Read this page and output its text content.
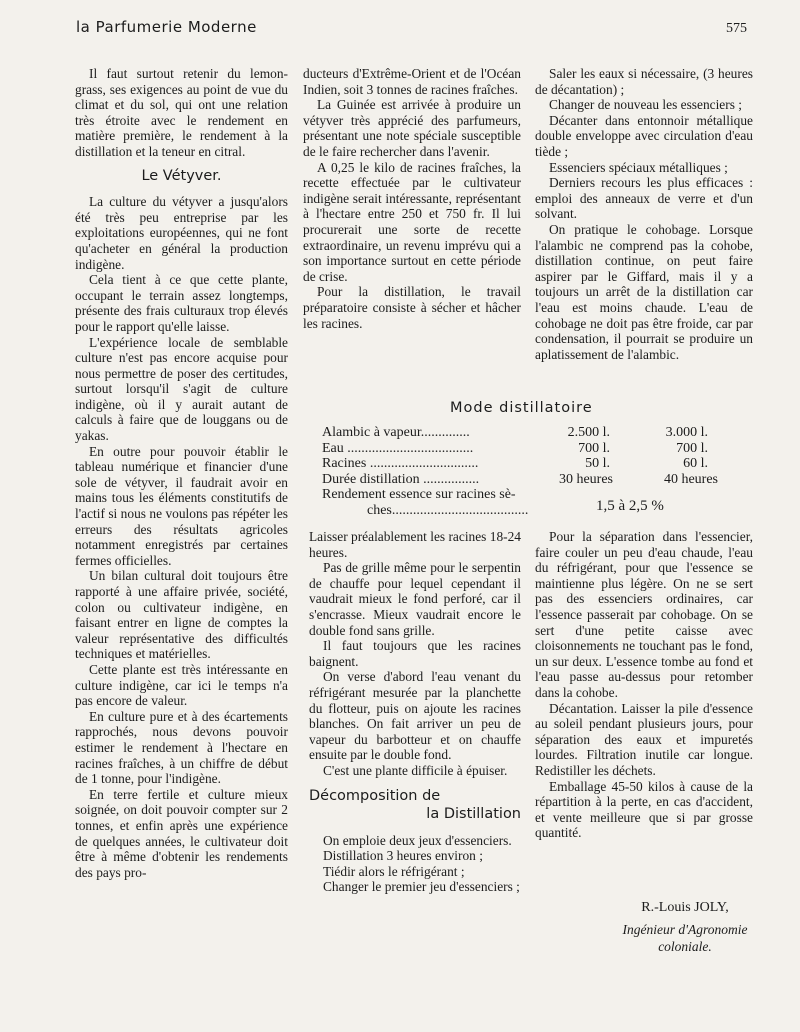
la Parfumerie Moderne	575

Il faut surtout retenir du lemon-grass, ses exigences au point de vue du climat et du sol, qui ont une relation très étroite avec le rendement en matière première, le rendement à la distillation et la teneur en citral.

Le Vétyver.

La culture du vétyver a jusqu'alors été très peu entreprise par les exploitations européennes, qui ne font qu'acheter en général la production indigène.

Cela tient à ce que cette plante, occupant le terrain assez longtemps, présente des frais culturaux trop élevés pour le rapport qu'elle laisse.

L'expérience locale de semblable culture n'est pas encore acquise pour nous permettre de poser des certitudes, surtout lorsqu'il s'agit de culture indigène, où il y aurait autant de calculs à faire que de louggans ou de yakas.

En outre pour pouvoir établir le tableau numérique et financier d'une sole de vétyver, il faudrait avoir en mains tous les éléments constitutifs de l'actif si nous ne voulons pas répéter les erreurs des résultats agricoles notamment enregistrés par certaines fermes officielles.

Un bilan cultural doit toujours être rapporté à une affaire privée, société, colon ou cultivateur indigène, en faisant entrer en ligne de comptes la valeur représentative des difficultés techniques et matérielles.

Cette plante est très intéressante en culture indigène, car ici le temps n'a pas encore de valeur.

En culture pure et à des écartements rapprochés, nous devons pouvoir estimer le rendement à l'hectare en racines fraîches, à un chiffre de début de 1 tonne, pour l'indigène.

En terre fertile et culture mieux soignée, on doit pouvoir compter sur 2 tonnes, et enfin après une expérience de quelques années, le cultivateur doit être à même d'obtenir les rendements des pays pro-

ducteurs d'Extrême-Orient et de l'Océan Indien, soit 3 tonnes de racines fraîches.

La Guinée est arrivée à produire un vétyver très apprécié des parfumeurs, présentant une note spéciale susceptible de le faire rechercher dans l'avenir.

A 0,25 le kilo de racines fraîches, la recette effectuée par le cultivateur indigène serait intéressante, représentant à l'hectare entre 250 et 750 fr. Il lui procurerait une sorte de recette extraordinaire, un revenu imprévu qui a son importance surtout en cette période de crise.

Pour la distillation, le travail préparatoire consiste à sécher et hâcher les racines.

Saler les eaux si nécessaire, (3 heures de décantation) ;

Changer de nouveau les essenciers ;

Décanter dans entonnoir métallique double enveloppe avec circulation d'eau tiède ;

Essenciers spéciaux métalliques ;

Derniers recours les plus efficaces : emploi des anneaux de verre et d'un solvant.

On pratique le cohobage. Lorsque l'alambic ne comprend pas la cohobe, distillation continue, on peut faire aspirer par le Giffard, mais il y a toujours un arrêt de la distillation car l'eau est moins chaude. L'eau de cohobage ne doit pas être froide, car par condensation, il pourrait se produire un aplatissement de l'alambic.

Mode distillatoire
Alambic à vapeur..............	2.500 l.	3.000 l.
Eau ....................................	700 l.	700 l.
Racines ...............................	50 l.	60 l.
Durée distillation ................	30 heures	40 heures
Rendement essence sur racines sè-
ches.......................................	1,5 à 2,5 %

Laisser préalablement les racines 18-24 heures.

Pas de grille même pour le serpentin de chauffe pour lequel cependant il vaudrait mieux le fond perforé, car il s'encrasse. Mieux vaudrait encore le double fond sans grille.

Il faut toujours que les racines baignent.

On verse d'abord l'eau venant du réfrigérant mesurée par la planchette du flotteur, puis on ajoute les racines blanches. On fait arriver un peu de vapeur du barbotteur et on chauffe ensuite par le double fond.

C'est une plante difficile à épuiser.

Décomposition de
la Distillation

On emploie deux jeux d'essenciers.

Distillation 3 heures environ ;

Tiédir alors le réfrigérant ;

Changer le premier jeu d'essenciers ;

Pour la séparation dans l'essencier, faire couler un peu d'eau chaude, l'eau du réfrigérant, pour que l'essence se maintienne plus légère. On ne se sert pas des essenciers ordinaires, car l'essence passerait par cohobage. On se sert d'une petite caisse avec cloisonnements ne touchant pas le fond, un sur deux. L'essence tombe au fond et l'eau passe au-dessus pour retomber dans la cohobe.

Décantation. Laisser la pile d'essence au soleil pendant plusieurs jours, pour séparation des eaux et impuretés lourdes. Filtration inutile car longue. Redistiller les déchets.

Emballage 45-50 kilos à cause de la répartition à la perte, en cas d'accident, et vente meilleure que si par grosse quantité.

R.-Louis JOLY,
Ingénieur d'Agronomie
coloniale.
